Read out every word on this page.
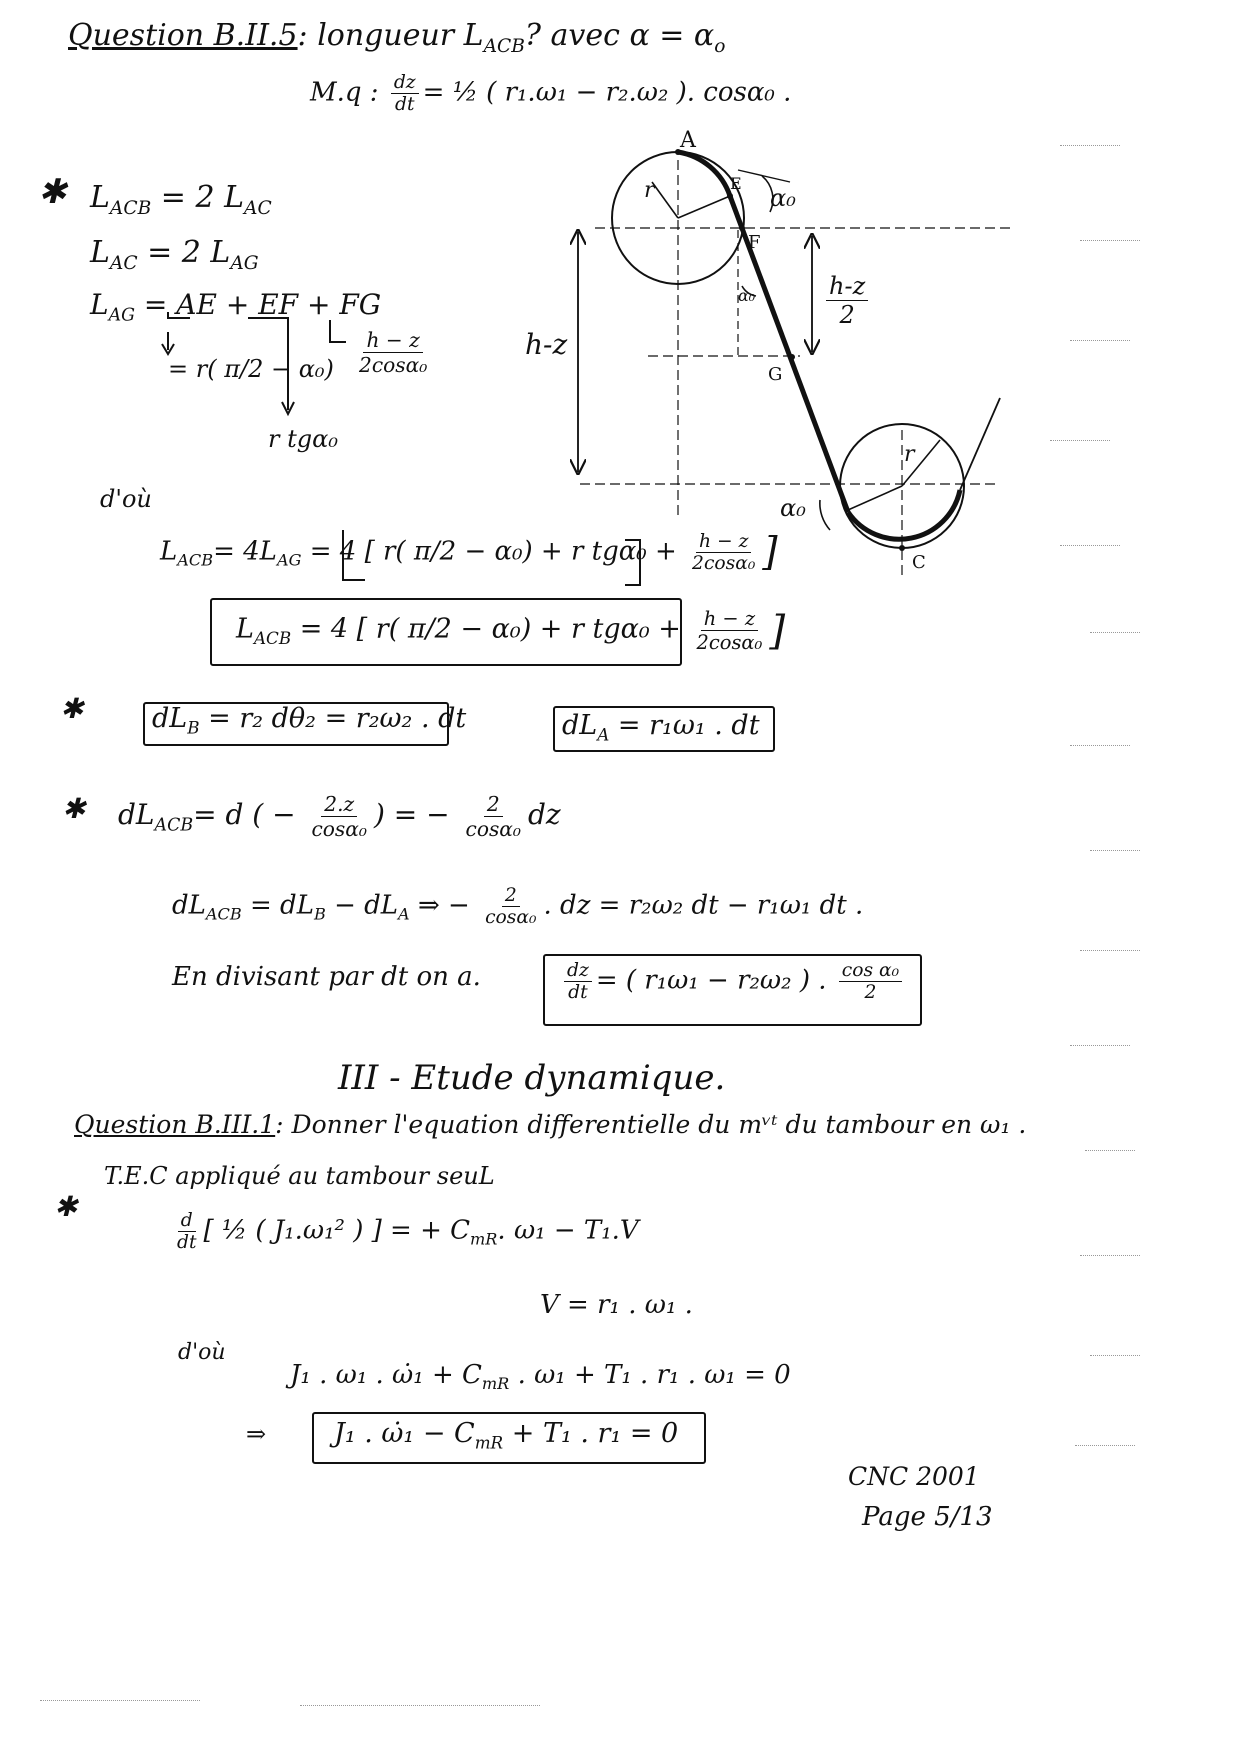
Question B.II.5: longueur $L_{ACB}$? avec $\alpha = \alpha_o$
M.q : $\frac{dz}{dt}$ = ½ ( r₁.ω₁ − r₂.ω₂ ). cosα₀ .
✱ $L_{ACB} = 2$ $L_{AC}$
$L_{AC} = 2$ $L_{AG}$
$L_{AG}$ = AE + EF + FG
= r( π/2 − α₀)
r tgα₀
$\frac{h - z}{\text{2cosα₀}}$
d'où
$L_{ACB}= 4L_{AG} = 4$ [ r( π/2 − α₀) + r $tg\alpha_0 + \frac{h - z}{\text{2cosα₀}}$ ]
$L_{ACB} = 4$ [ r( π/2 − α₀) + r $tg\alpha_0 + \frac{h - z}{\text{2cosα₀}}$ ]
✱	$dL_B = r_2$ dθ₂ = r₂ω₂ . dt	$dL_A = r_1\omega_1$ . dt
✱ $dL_{ACB}= d$ ( − $\frac{2.z}{\text{cosα₀}}$ ) = − $\frac{2}{\text{cosα₀}}$ dz
$dL_{ACB} = dL_B - dL_A$ ⇒ − $\frac{2}{\text{cosα₀}}$ . dz = r₂ω₂ dt − r₁ω₁ dt .
En divisant par dt on a.	$\frac{dz}{dt}$ = ( r₁ω₁ − r₂ω₂ ) . $\frac{\text{cos α₀}}{2}$
III - Etude dynamique.
Question B.III.1: Donner l'equation differentielle du mᵛᵗ du tambour en ω₁ .
✱
T.E.C appliqué au tambour seuL
$\frac{d}{dt}$ [ ½ ( J₁.ω₁² ) ] = + $C_{mR}$. ω₁ − T₁.V
V = r₁ . ω₁ .
d'où
J₁ . ω₁ . ω̇₁ + $C_{mR}$ . ω₁ + T₁ . r₁ . ω₁ = 0
⇒	J₁ . ω̇₁ − $C_{mR} + T_1$ . r₁ = 0
CNC 2001
Page 5/13
A
E
F
G
C
r
r
α₀
α₀
α₀
h-z
$\frac{h-z}{2}$
